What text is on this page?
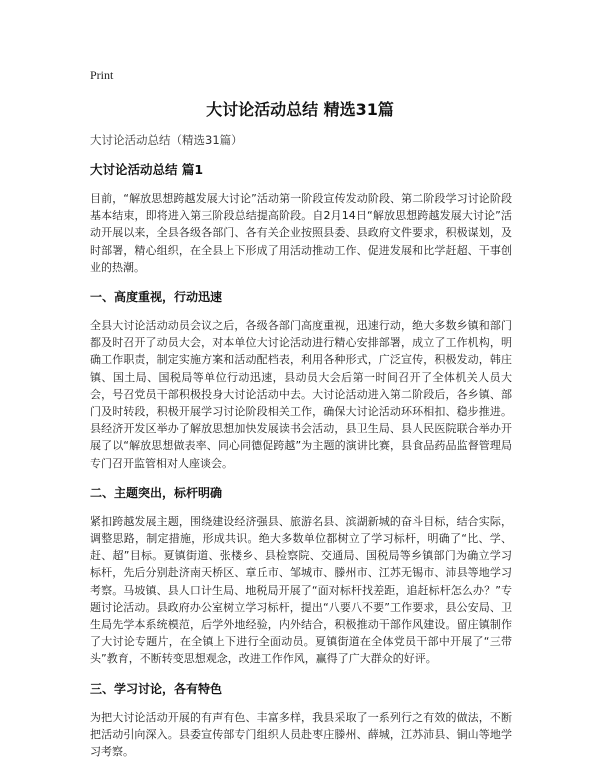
Print
大讨论活动总结 精选31篇
大讨论活动总结（精选31篇）
大讨论活动总结 篇1

目前，“解放思想跨越发展大讨论”活动第一阶段宣传发动阶段、第二阶段学习讨论阶段基本结束，即将进入第三阶段总结提高阶段。自2月14日“解放思想跨越发展大讨论”活动开展以来，全县各级各部门、各有关企业按照县委、县政府文件要求，积极谋划，及时部署，精心组织，在全县上下形成了用活动推动工作、促进发展和比学赶超、干事创业的热潮。

一、高度重视，行动迅速

全县大讨论活动动员会议之后，各级各部门高度重视，迅速行动，绝大多数乡镇和部门都及时召开了动员大会，对本单位大讨论活动进行精心安排部署，成立了工作机构，明确工作职责，制定实施方案和活动配档表，利用各种形式，广泛宣传，积极发动，韩庄镇、国土局、国税局等单位行动迅速，县动员大会后第一时间召开了全体机关人员大会，号召党员干部积极投身大讨论活动中去。大讨论活动进入第二阶段后，各乡镇、部门及时转段，积极开展学习讨论阶段相关工作，确保大讨论活动环环相扣、稳步推进。县经济开发区举办了解放思想加快发展读书会活动，县卫生局、县人民医院联合举办开展了以“解放思想做表率、同心同德促跨越”为主题的演讲比赛，县食品药品监督管理局专门召开监管相对人座谈会。

二、主题突出，标杆明确

紧扣跨越发展主题，围绕建设经济强县、旅游名县、滨湖新城的奋斗目标，结合实际，调整思路，制定措施，形成共识。绝大多数单位都树立了学习标杆，明确了“比、学、赶、超”目标。夏镇街道、张楼乡、县检察院、交通局、国税局等乡镇部门为确立学习标杆，先后分别赴济南天桥区、章丘市、邹城市、滕州市、江苏无锡市、沛县等地学习考察。马坡镇、县人口计生局、地税局开展了“面对标杆找差距，追赶标杆怎么办？”专题讨论活动。县政府办公室树立学习标杆，提出“八要八不要”工作要求，县公安局、卫生局先学本系统模范，后学外地经验，内外结合，积极推动干部作风建设。留庄镇制作了大讨论专题片，在全镇上下进行全面动员。夏镇街道在全体党员干部中开展了“三带头”教育，不断转变思想观念，改进工作作风，赢得了广大群众的好评。

三、学习讨论，各有特色

为把大讨论活动开展的有声有色、丰富多样，我县采取了一系列行之有效的做法，不断把活动引向深入。县委宣传部专门组织人员赴枣庄滕州、薛城，江苏沛县、铜山等地学习考察。
